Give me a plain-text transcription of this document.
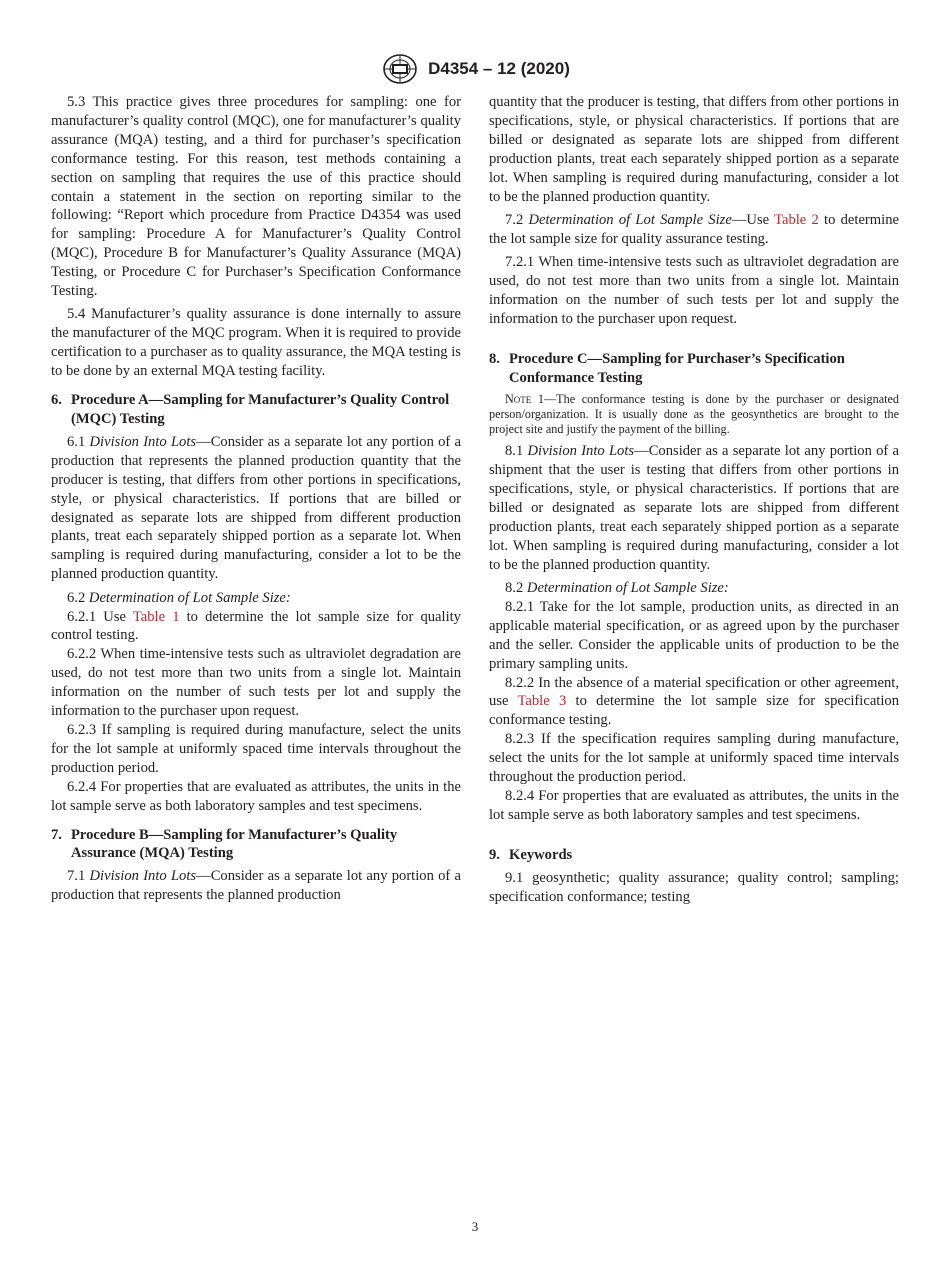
D4354 – 12 (2020)

5.3 This practice gives three procedures for sampling: one for manufacturer’s quality control (MQC), one for manufacturer’s quality assurance (MQA) testing, and a third for purchaser’s specification conformance testing. For this reason, test methods containing a section on sampling that requires the use of this practice should contain a statement in the section on reporting similar to the following: “Report which procedure from Practice D4354 was used for sampling: Procedure A for Manufacturer’s Quality Control (MQC), Procedure B for Manufacturer’s Quality Assurance (MQA) Testing, or Procedure C for Purchaser’s Specification Conformance Testing.

5.4 Manufacturer’s quality assurance is done internally to assure the manufacturer of the MQC program. When it is required to provide certification to a purchaser as to quality assurance, the MQA testing is to be done by an external MQA testing facility.

6. Procedure A—Sampling for Manufacturer’s Quality Control (MQC) Testing

6.1 Division Into Lots—Consider as a separate lot any portion of a production that represents the planned production quantity that the producer is testing, that differs from other portions in specifications, style, or physical characteristics. If portions that are billed or designated as separate lots are shipped from different production plants, treat each separately shipped portion as a separate lot. When sampling is required during manufacturing, consider a lot to be the planned production quantity.

6.2 Determination of Lot Sample Size:

6.2.1 Use Table 1 to determine the lot sample size for quality control testing.

6.2.2 When time-intensive tests such as ultraviolet degradation are used, do not test more than two units from a single lot. Maintain information on the number of such tests per lot and supply the information to the purchaser upon request.

6.2.3 If sampling is required during manufacture, select the units for the lot sample at uniformly spaced time intervals throughout the production period.

6.2.4 For properties that are evaluated as attributes, the units in the lot sample serve as both laboratory samples and test specimens.

7. Procedure B—Sampling for Manufacturer’s Quality Assurance (MQA) Testing

7.1 Division Into Lots—Consider as a separate lot any portion of a production that represents the planned production

quantity that the producer is testing, that differs from other portions in specifications, style, or physical characteristics. If portions that are billed or designated as separate lots are shipped from different production plants, treat each separately shipped portion as a separate lot. When sampling is required during manufacturing, consider a lot to be the planned production quantity.

7.2 Determination of Lot Sample Size—Use Table 2 to determine the lot sample size for quality assurance testing.

7.2.1 When time-intensive tests such as ultraviolet degradation are used, do not test more than two units from a single lot. Maintain information on the number of such tests per lot and supply the information to the purchaser upon request.

8. Procedure C—Sampling for Purchaser’s Specification Conformance Testing

Note 1—The conformance testing is done by the purchaser or designated person/organization. It is usually done as the geosynthetics are brought to the project site and justify the payment of the billing.

8.1 Division Into Lots—Consider as a separate lot any portion of a shipment that the user is testing that differs from other portions in specifications, style, or physical characteristics. If portions that are billed or designated as separate lots are shipped from different production plants, treat each separately shipped portion as a separate lot. When sampling is required during manufacturing, consider a lot to be the planned production quantity.

8.2 Determination of Lot Sample Size:

8.2.1 Take for the lot sample, production units, as directed in an applicable material specification, or as agreed upon by the purchaser and the seller. Consider the applicable units of production to be the primary sampling units.

8.2.2 In the absence of a material specification or other agreement, use Table 3 to determine the lot sample size for specification conformance testing.

8.2.3 If the specification requires sampling during manufacture, select the units for the lot sample at uniformly spaced time intervals throughout the production period.

8.2.4 For properties that are evaluated as attributes, the units in the lot sample serve as both laboratory samples and test specimens.

9. Keywords

9.1 geosynthetic; quality assurance; quality control; sampling; specification conformance; testing

3
